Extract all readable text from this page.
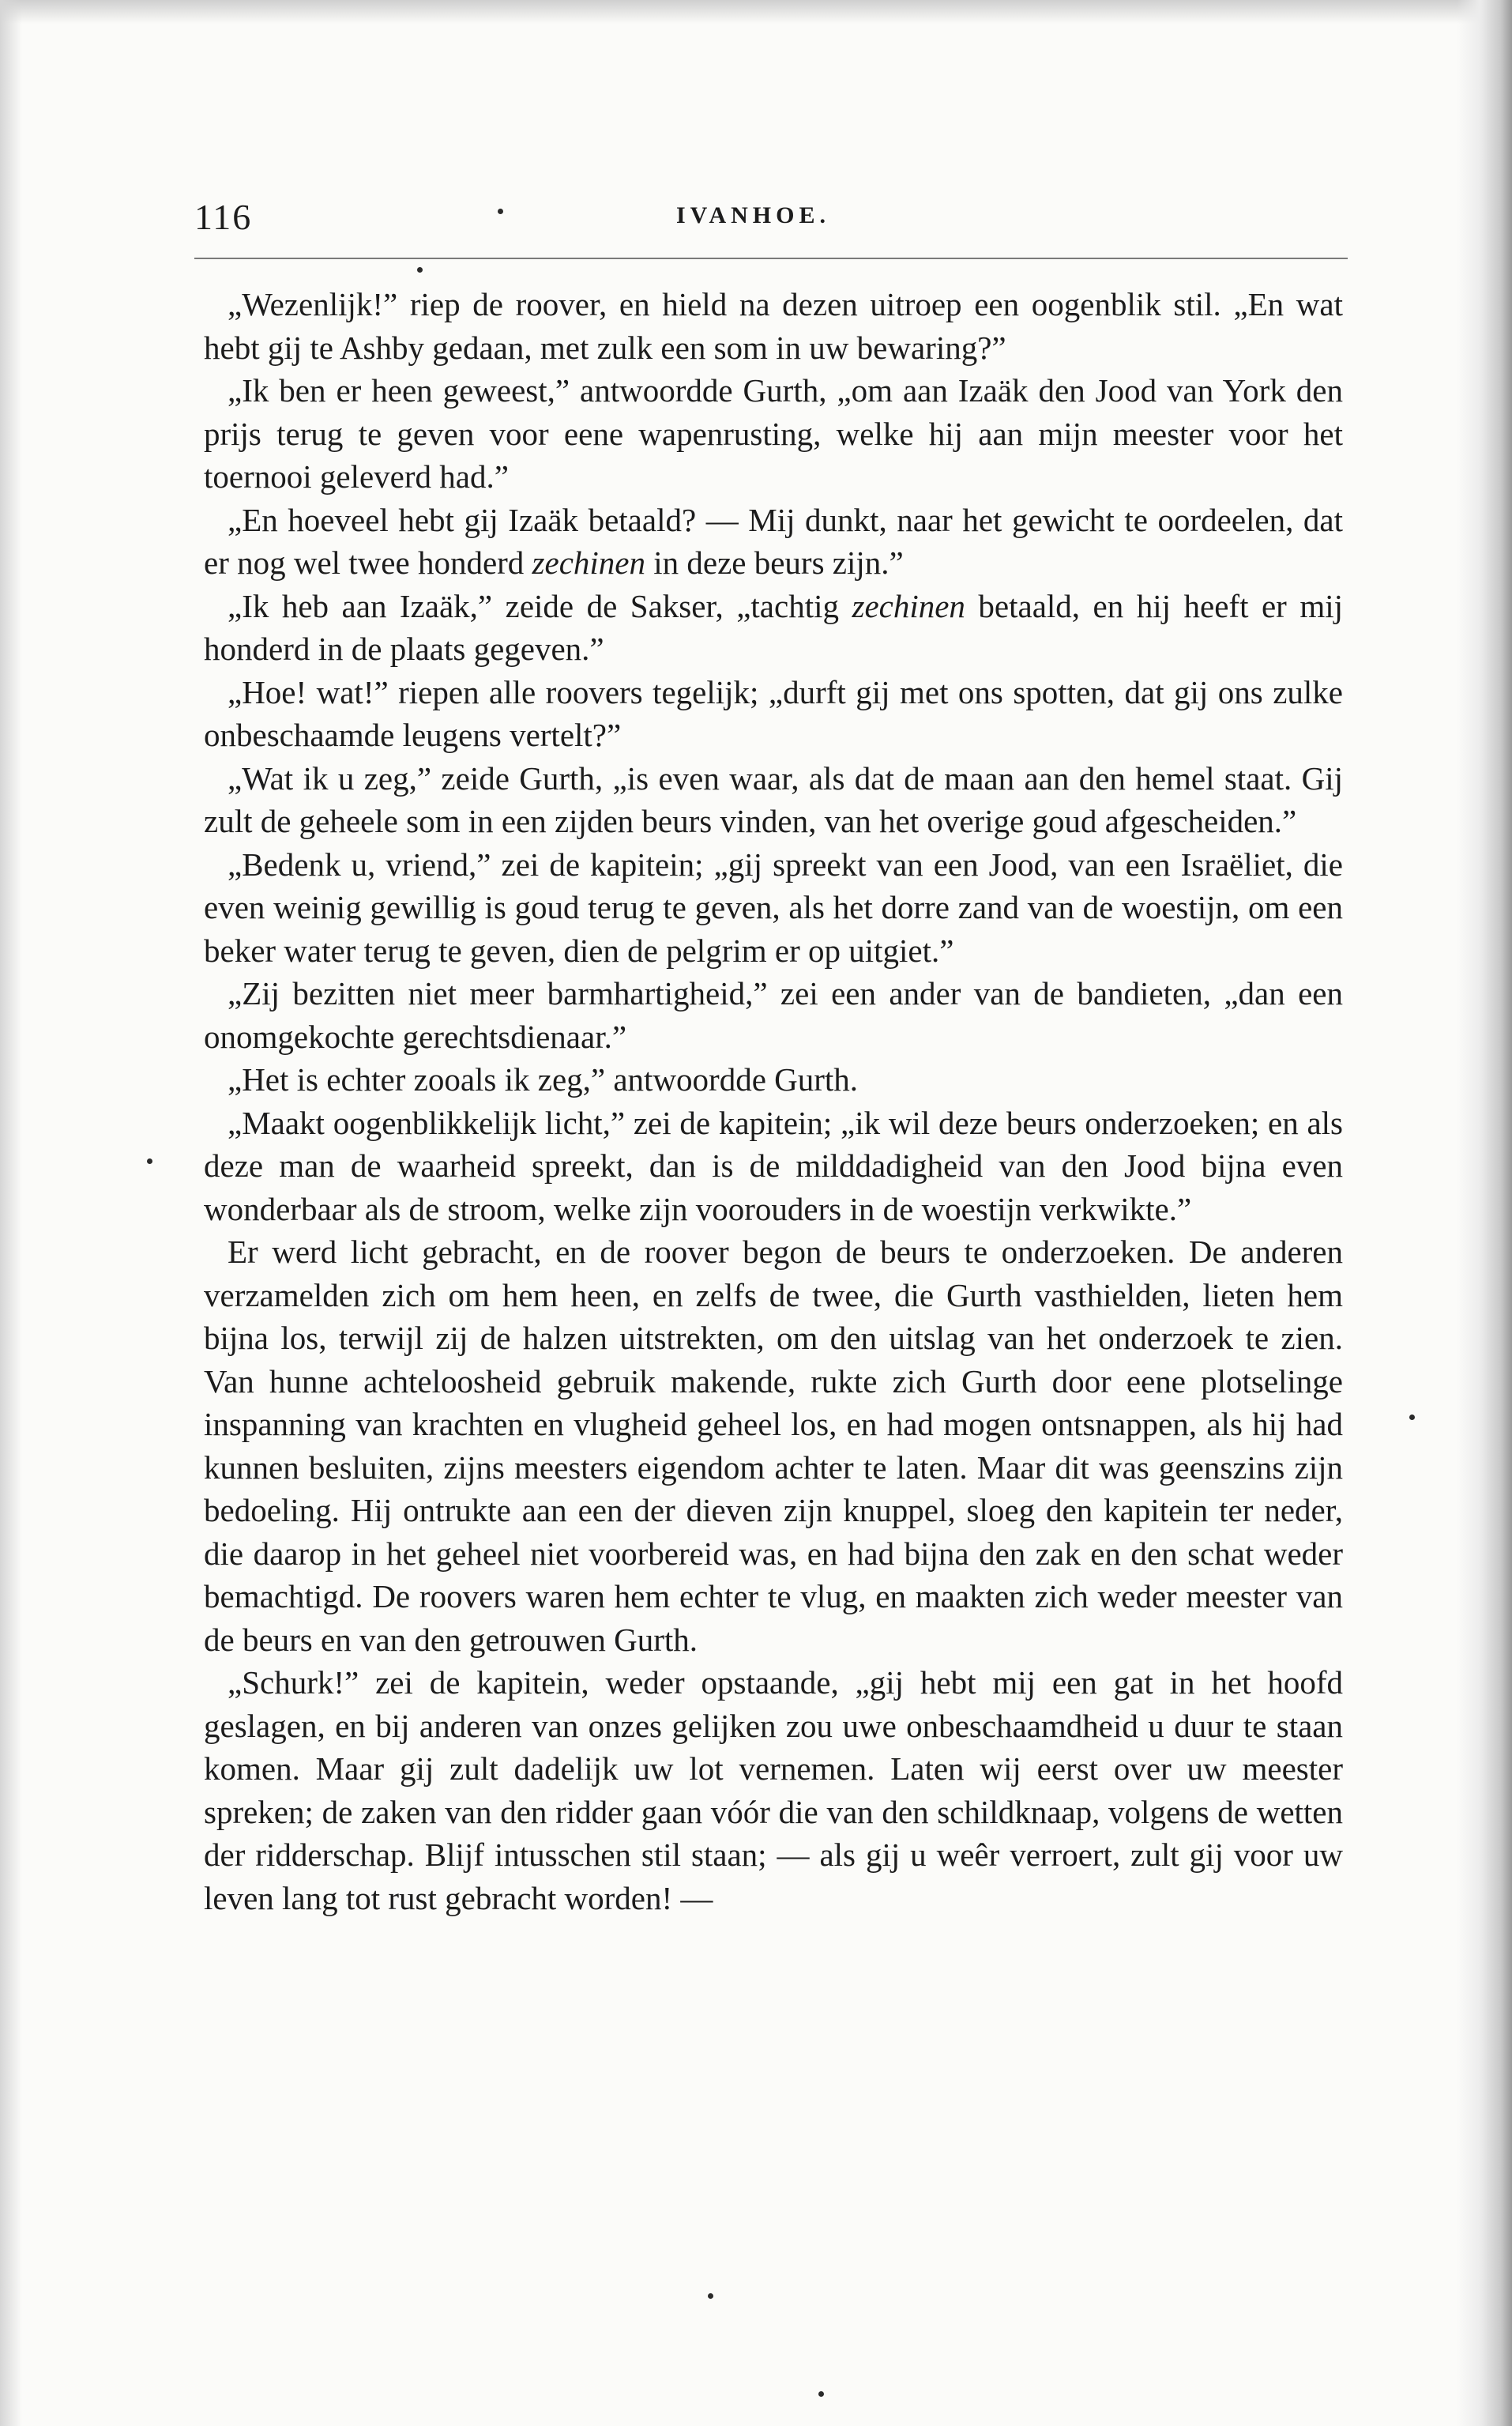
116	IVANHOE.

„Wezenlijk!” riep de roover, en hield na dezen uitroep een oogenblik stil. „En wat hebt gij te Ashby gedaan, met zulk een som in uw bewaring?”

„Ik ben er heen geweest,” antwoordde Gurth, „om aan Izaäk den Jood van York den prijs terug te geven voor eene wapenrusting, welke hij aan mijn meester voor het toernooi geleverd had.”

„En hoeveel hebt gij Izaäk betaald? — Mij dunkt, naar het gewicht te oordeelen, dat er nog wel twee honderd zechinen in deze beurs zijn.”

„Ik heb aan Izaäk,” zeide de Sakser, „tachtig zechinen betaald, en hij heeft er mij honderd in de plaats gegeven.”

„Hoe! wat!” riepen alle roovers tegelijk; „durft gij met ons spotten, dat gij ons zulke onbeschaamde leugens vertelt?”

„Wat ik u zeg,” zeide Gurth, „is even waar, als dat de maan aan den hemel staat. Gij zult de geheele som in een zijden beurs vinden, van het overige goud afgescheiden.”

„Bedenk u, vriend,” zei de kapitein; „gij spreekt van een Jood, van een Israëliet, die even weinig gewillig is goud terug te geven, als het dorre zand van de woestijn, om een beker water terug te geven, dien de pelgrim er op uitgiet.”

„Zij bezitten niet meer barmhartigheid,” zei een ander van de bandieten, „dan een onomgekochte gerechtsdienaar.”

„Het is echter zooals ik zeg,” antwoordde Gurth.

„Maakt oogenblikkelijk licht,” zei de kapitein; „ik wil deze beurs onderzoeken; en als deze man de waarheid spreekt, dan is de milddadigheid van den Jood bijna even wonderbaar als de stroom, welke zijn voorouders in de woestijn verkwikte.”

Er werd licht gebracht, en de roover begon de beurs te onderzoeken. De anderen verzamelden zich om hem heen, en zelfs de twee, die Gurth vasthielden, lieten hem bijna los, terwijl zij de halzen uitstrekten, om den uitslag van het onderzoek te zien. Van hunne achteloosheid gebruik makende, rukte zich Gurth door eene plotselinge inspanning van krachten en vlugheid geheel los, en had mogen ontsnappen, als hij had kunnen besluiten, zijns meesters eigendom achter te laten. Maar dit was geenszins zijn bedoeling. Hij ontrukte aan een der dieven zijn knuppel, sloeg den kapitein ter neder, die daarop in het geheel niet voorbereid was, en had bijna den zak en den schat weder bemachtigd. De roovers waren hem echter te vlug, en maakten zich weder meester van de beurs en van den getrouwen Gurth.

„Schurk!” zei de kapitein, weder opstaande, „gij hebt mij een gat in het hoofd geslagen, en bij anderen van onzes gelijken zou uwe onbeschaamdheid u duur te staan komen. Maar gij zult dadelijk uw lot vernemen. Laten wij eerst over uw meester spreken; de zaken van den ridder gaan vóór die van den schildknaap, volgens de wetten der ridderschap. Blijf intusschen stil staan; — als gij u weêr verroert, zult gij voor uw leven lang tot rust gebracht worden! —
